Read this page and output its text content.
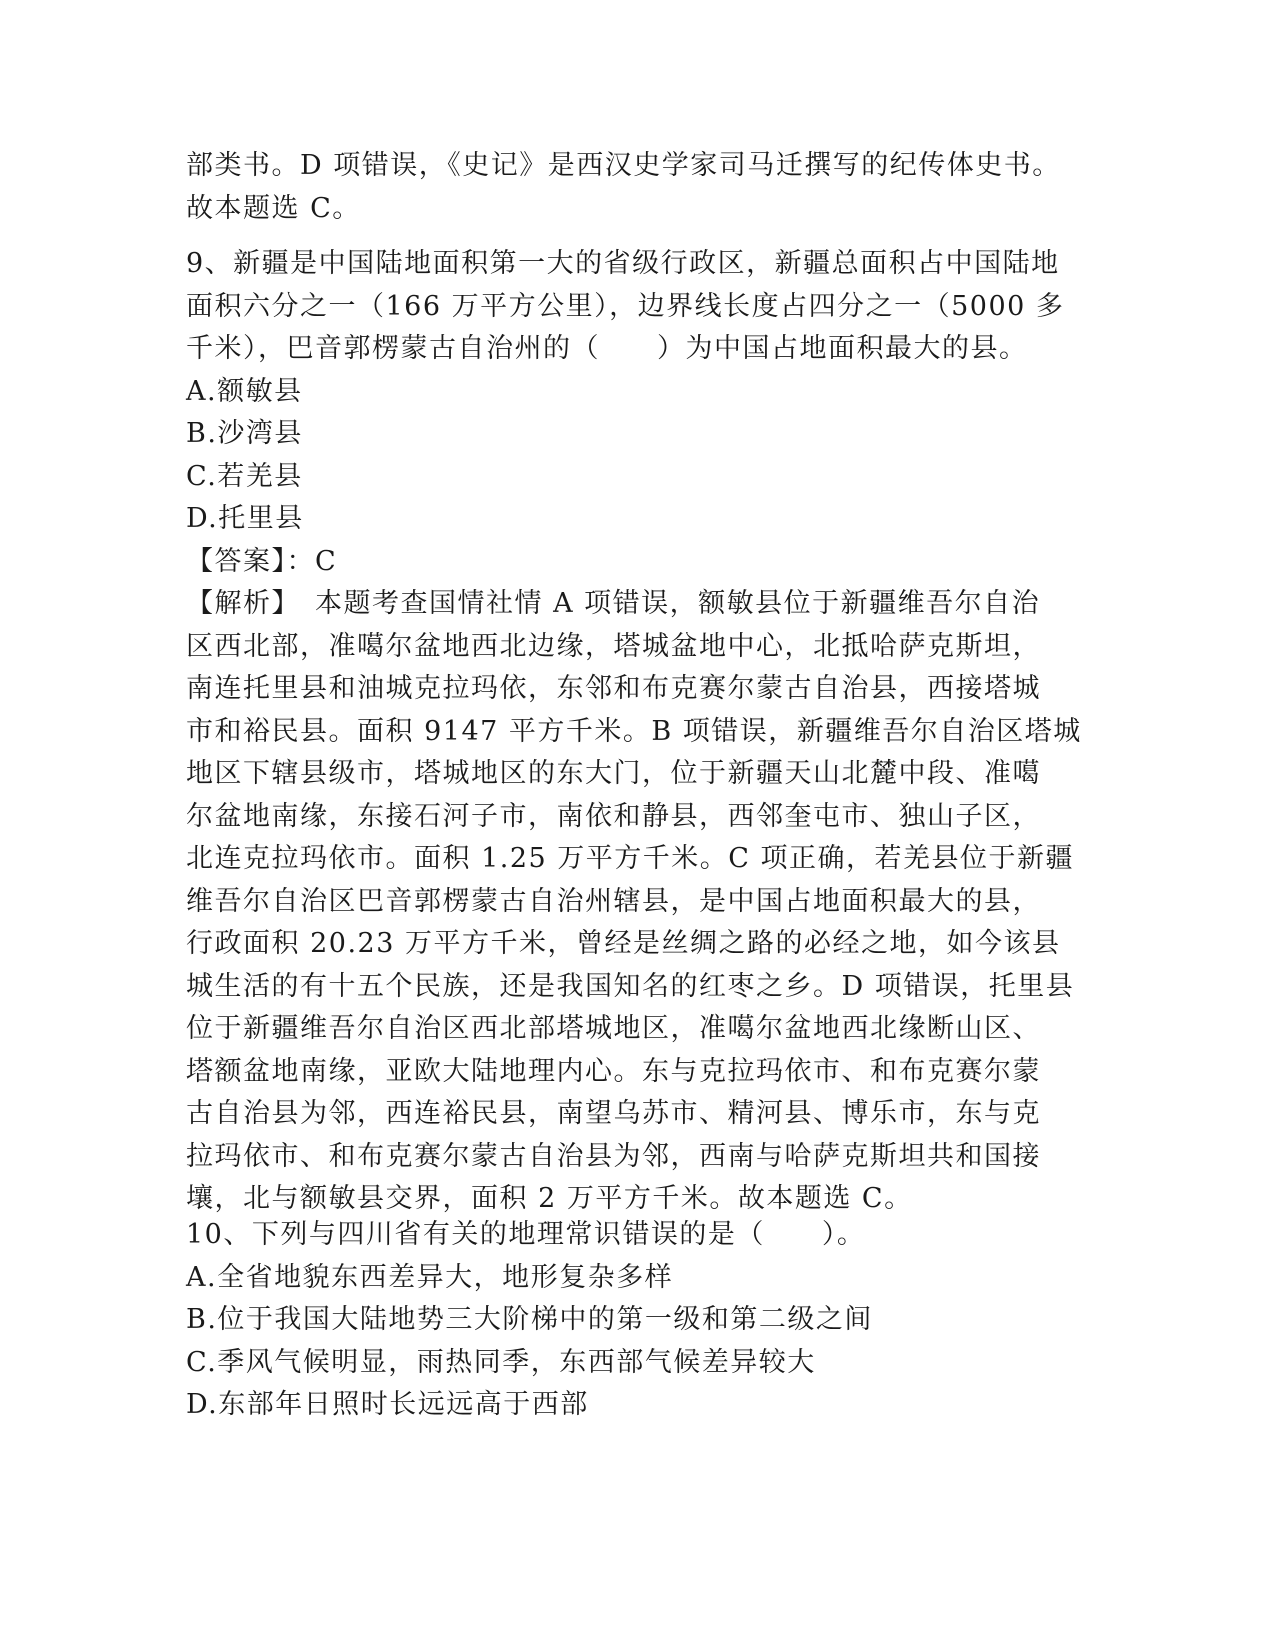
部类书。D 项错误，《史记》是西汉史学家司马迁撰写的纪传体史书。
故本题选 C。
9、新疆是中国陆地面积第一大的省级行政区，新疆总面积占中国陆地
面积六分之一（166 万平方公里），边界线长度占四分之一（5000 多
千米），巴音郭楞蒙古自治州的（　　）为中国占地面积最大的县。
A.额敏县
B.沙湾县
C.若羌县
D.托里县
【答案】：C
【解析】　本题考查国情社情 A 项错误，额敏县位于新疆维吾尔自治
区西北部，准噶尔盆地西北边缘，塔城盆地中心，北抵哈萨克斯坦，
南连托里县和油城克拉玛依，东邻和布克赛尔蒙古自治县，西接塔城
市和裕民县。面积 9147 平方千米。B 项错误，新疆维吾尔自治区塔城
地区下辖县级市，塔城地区的东大门，位于新疆天山北麓中段、准噶
尔盆地南缘，东接石河子市，南依和静县，西邻奎屯市、独山子区，
北连克拉玛依市。面积 1.25 万平方千米。C 项正确，若羌县位于新疆
维吾尔自治区巴音郭楞蒙古自治州辖县，是中国占地面积最大的县，
行政面积 20.23 万平方千米，曾经是丝绸之路的必经之地，如今该县
城生活的有十五个民族，还是我国知名的红枣之乡。D 项错误，托里县
位于新疆维吾尔自治区西北部塔城地区，准噶尔盆地西北缘断山区、
塔额盆地南缘，亚欧大陆地理内心。东与克拉玛依市、和布克赛尔蒙
古自治县为邻，西连裕民县，南望乌苏市、精河县、博乐市，东与克
拉玛依市、和布克赛尔蒙古自治县为邻，西南与哈萨克斯坦共和国接
壤，北与额敏县交界，面积 2 万平方千米。故本题选 C。
10、下列与四川省有关的地理常识错误的是（　　）。
A.全省地貌东西差异大，地形复杂多样
B.位于我国大陆地势三大阶梯中的第一级和第二级之间
C.季风气候明显，雨热同季，东西部气候差异较大
D.东部年日照时长远远高于西部
